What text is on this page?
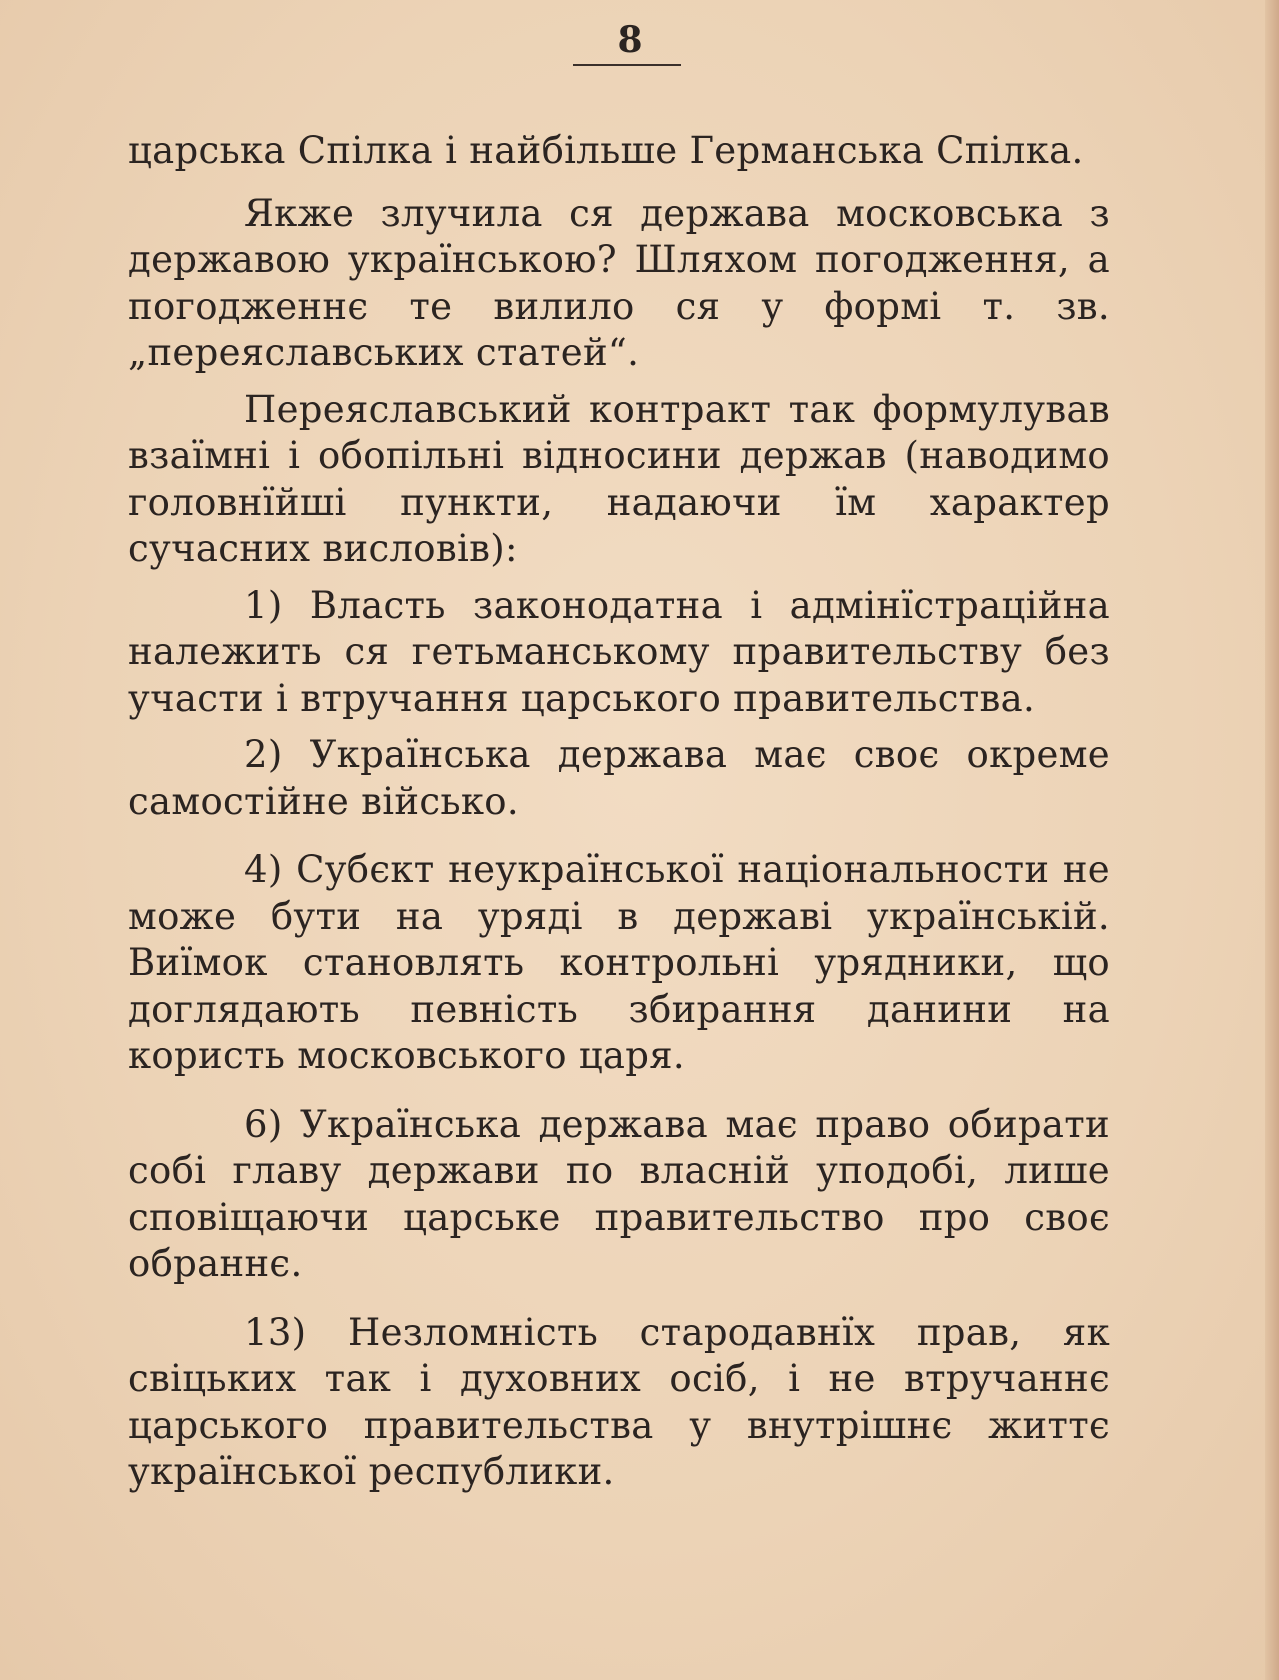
8

царська Спілка і найбільше Германська Спілка.

Якже злучила ся держава московська з державою українською? Шляхом погодження, а погодженнє те вилило ся у формі т. зв. „переяславських статей“.

Переяславський контракт так формулував взаїмні і обопільні відносини держав (наводимо головнїйші пункти, надаючи їм характер сучасних висловів):

1) Власть законодатна і адмінїстраційна належить ся гетьманському правительству без участи і втручання царського правительства.

2) Українська держава має своє окреме самостійне військо.

4) Субєкт неукраїнської національности не може бути на уряді в державі українській. Виїмок становлять контрольні урядники, що доглядають певність збирання данини на користь московського царя.

6) Українська держава має право обирати собі главу держави по власній уподобі, лише сповіщаючи царське правительство про своє обраннє.

13) Незломність стародавнїх прав, як свіцьких так і духовних осіб, і не втручаннє царського правительства у внутрішнє життє української республики.
